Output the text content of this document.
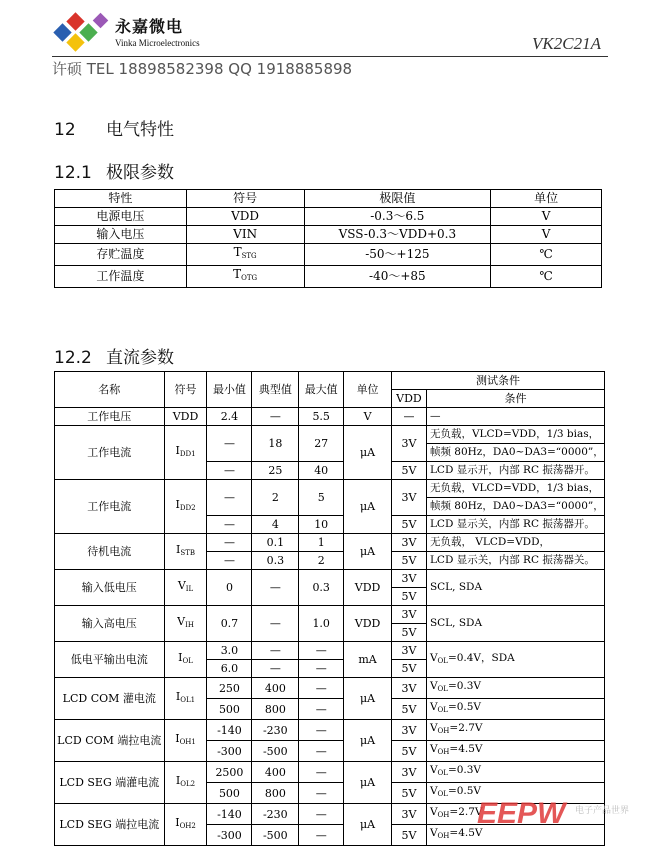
永嘉微电
Vinka Microelectronics	VK2C21A
许硕 TEL 18898582398 QQ 1918885898
12 电气特性
12.1 极限参数
特性	符号	极限值	单位
电源电压	VDD	-0.3～6.5	V
输入电压	VIN	VSS-0.3～VDD+0.3	V
存贮温度	$T_{STG}$	-50～+125	℃
工作温度	$T_{OTG}$	-40～+85	℃
12.2 直流参数
名称	符号	最小值	典型值	最大值	单位	测试条件	
						VDD	条件
工作电压	VDD	2.4	—	5.5	V	—	—
工作电流	$I_{DD1}$	—	18	27	μA	3V	无负载，VLCD=VDD，1/3 bias，
							帧频 80Hz，DA0~DA3=“0000”，
		—	25	40		5V	LCD 显示开，内部 RC 振荡器开。
工作电流	$I_{DD2}$	—	2	5	μA	3V	无负载，VLCD=VDD，1/3 bias，
							帧频 80Hz，DA0~DA3=“0000”，
		—	4	10		5V	LCD 显示关，内部 RC 振荡器开。
待机电流	$I_{STB}$	—	0.1	1	μA	3V	无负载， VLCD=VDD，
		—	0.3	2		5V	LCD 显示关，内部 RC 振荡器关。
输入低电压	$V_{IL}$	0	—	0.3	VDD	3V	SCL, SDA
						5V	
输入高电压	$V_{IH}$	0.7	—	1.0	VDD	3V	SCL, SDA
						5V	
低电平输出电流	$I_{OL}$	3.0	—	—	mA	3V	$V_{OL}=0.4V$，SDA
		6.0	—	—		5V	
LCD COM 灌电流	$I_{OL1}$	250	400	—	μA	3V	$V_{OL}=0.3V$
		500	800	—		5V	$V_{OL}=0.5V$
LCD COM 端拉电流	$I_{OH1}$	-140	-230	—	μA	3V	$V_{OH}=2.7V$
		-300	-500	—		5V	$V_{OH}=4.5V$
LCD SEG 端灌电流	$I_{OL2}$	2500	400	—	μA	3V	$V_{OL}=0.3V$
		500	800	—		5V	$V_{OL}=0.5V$
LCD SEG 端拉电流	$I_{OH2}$	-140	-230	—	μA	3V	$V_{OH}=2.7V$
		-300	-500	—		5V	$V_{OH}=4.5V$
EEPW 电子产品世界
